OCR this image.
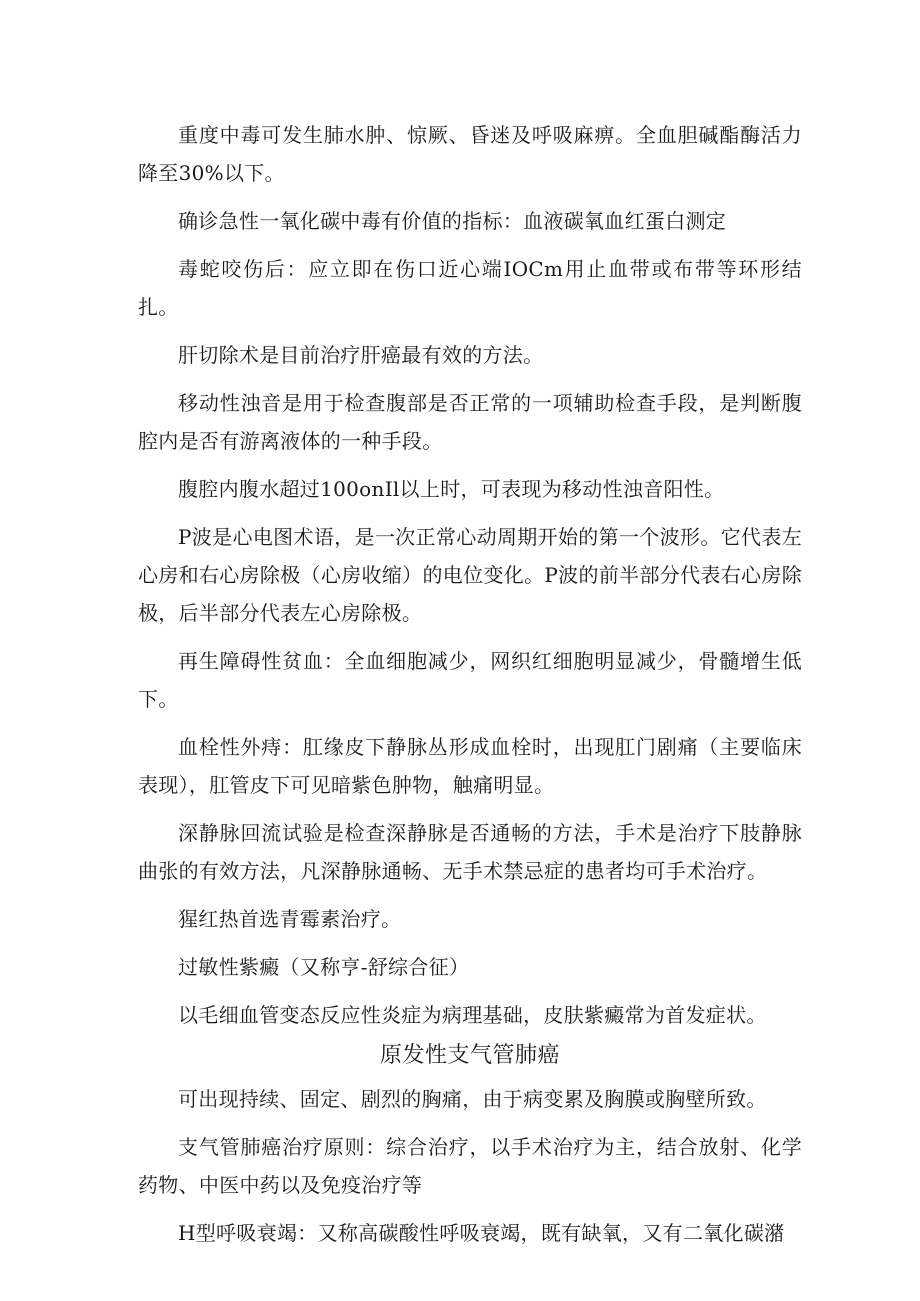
重度中毒可发生肺水肿、惊厥、昏迷及呼吸麻痹。全血胆碱酯酶活力降至30%以下。

确诊急性一氧化碳中毒有价值的指标：血液碳氧血红蛋白测定

毒蛇咬伤后：应立即在伤口近心端IOCm用止血带或布带等环形结扎。

肝切除术是目前治疗肝癌最有效的方法。

移动性浊音是用于检查腹部是否正常的一项辅助检查手段，是判断腹腔内是否有游离液体的一种手段。

腹腔内腹水超过100onIl以上时，可表现为移动性浊音阳性。

P波是心电图术语，是一次正常心动周期开始的第一个波形。它代表左心房和右心房除极（心房收缩）的电位变化。P波的前半部分代表右心房除极，后半部分代表左心房除极。

再生障碍性贫血：全血细胞减少，网织红细胞明显减少，骨髓增生低下。

血栓性外痔：肛缘皮下静脉丛形成血栓时，出现肛门剧痛（主要临床表现），肛管皮下可见暗紫色肿物，触痛明显。

深静脉回流试验是检查深静脉是否通畅的方法，手术是治疗下肢静脉曲张的有效方法，凡深静脉通畅、无手术禁忌症的患者均可手术治疗。

猩红热首选青霉素治疗。

过敏性紫癜（又称亨-舒综合征）

以毛细血管变态反应性炎症为病理基础，皮肤紫癜常为首发症状。

原发性支气管肺癌

可出现持续、固定、剧烈的胸痛，由于病变累及胸膜或胸壁所致。

支气管肺癌治疗原则：综合治疗，以手术治疗为主，结合放射、化学药物、中医中药以及免疫治疗等

H型呼吸衰竭：又称高碳酸性呼吸衰竭，既有缺氧，又有二氧化碳潴
